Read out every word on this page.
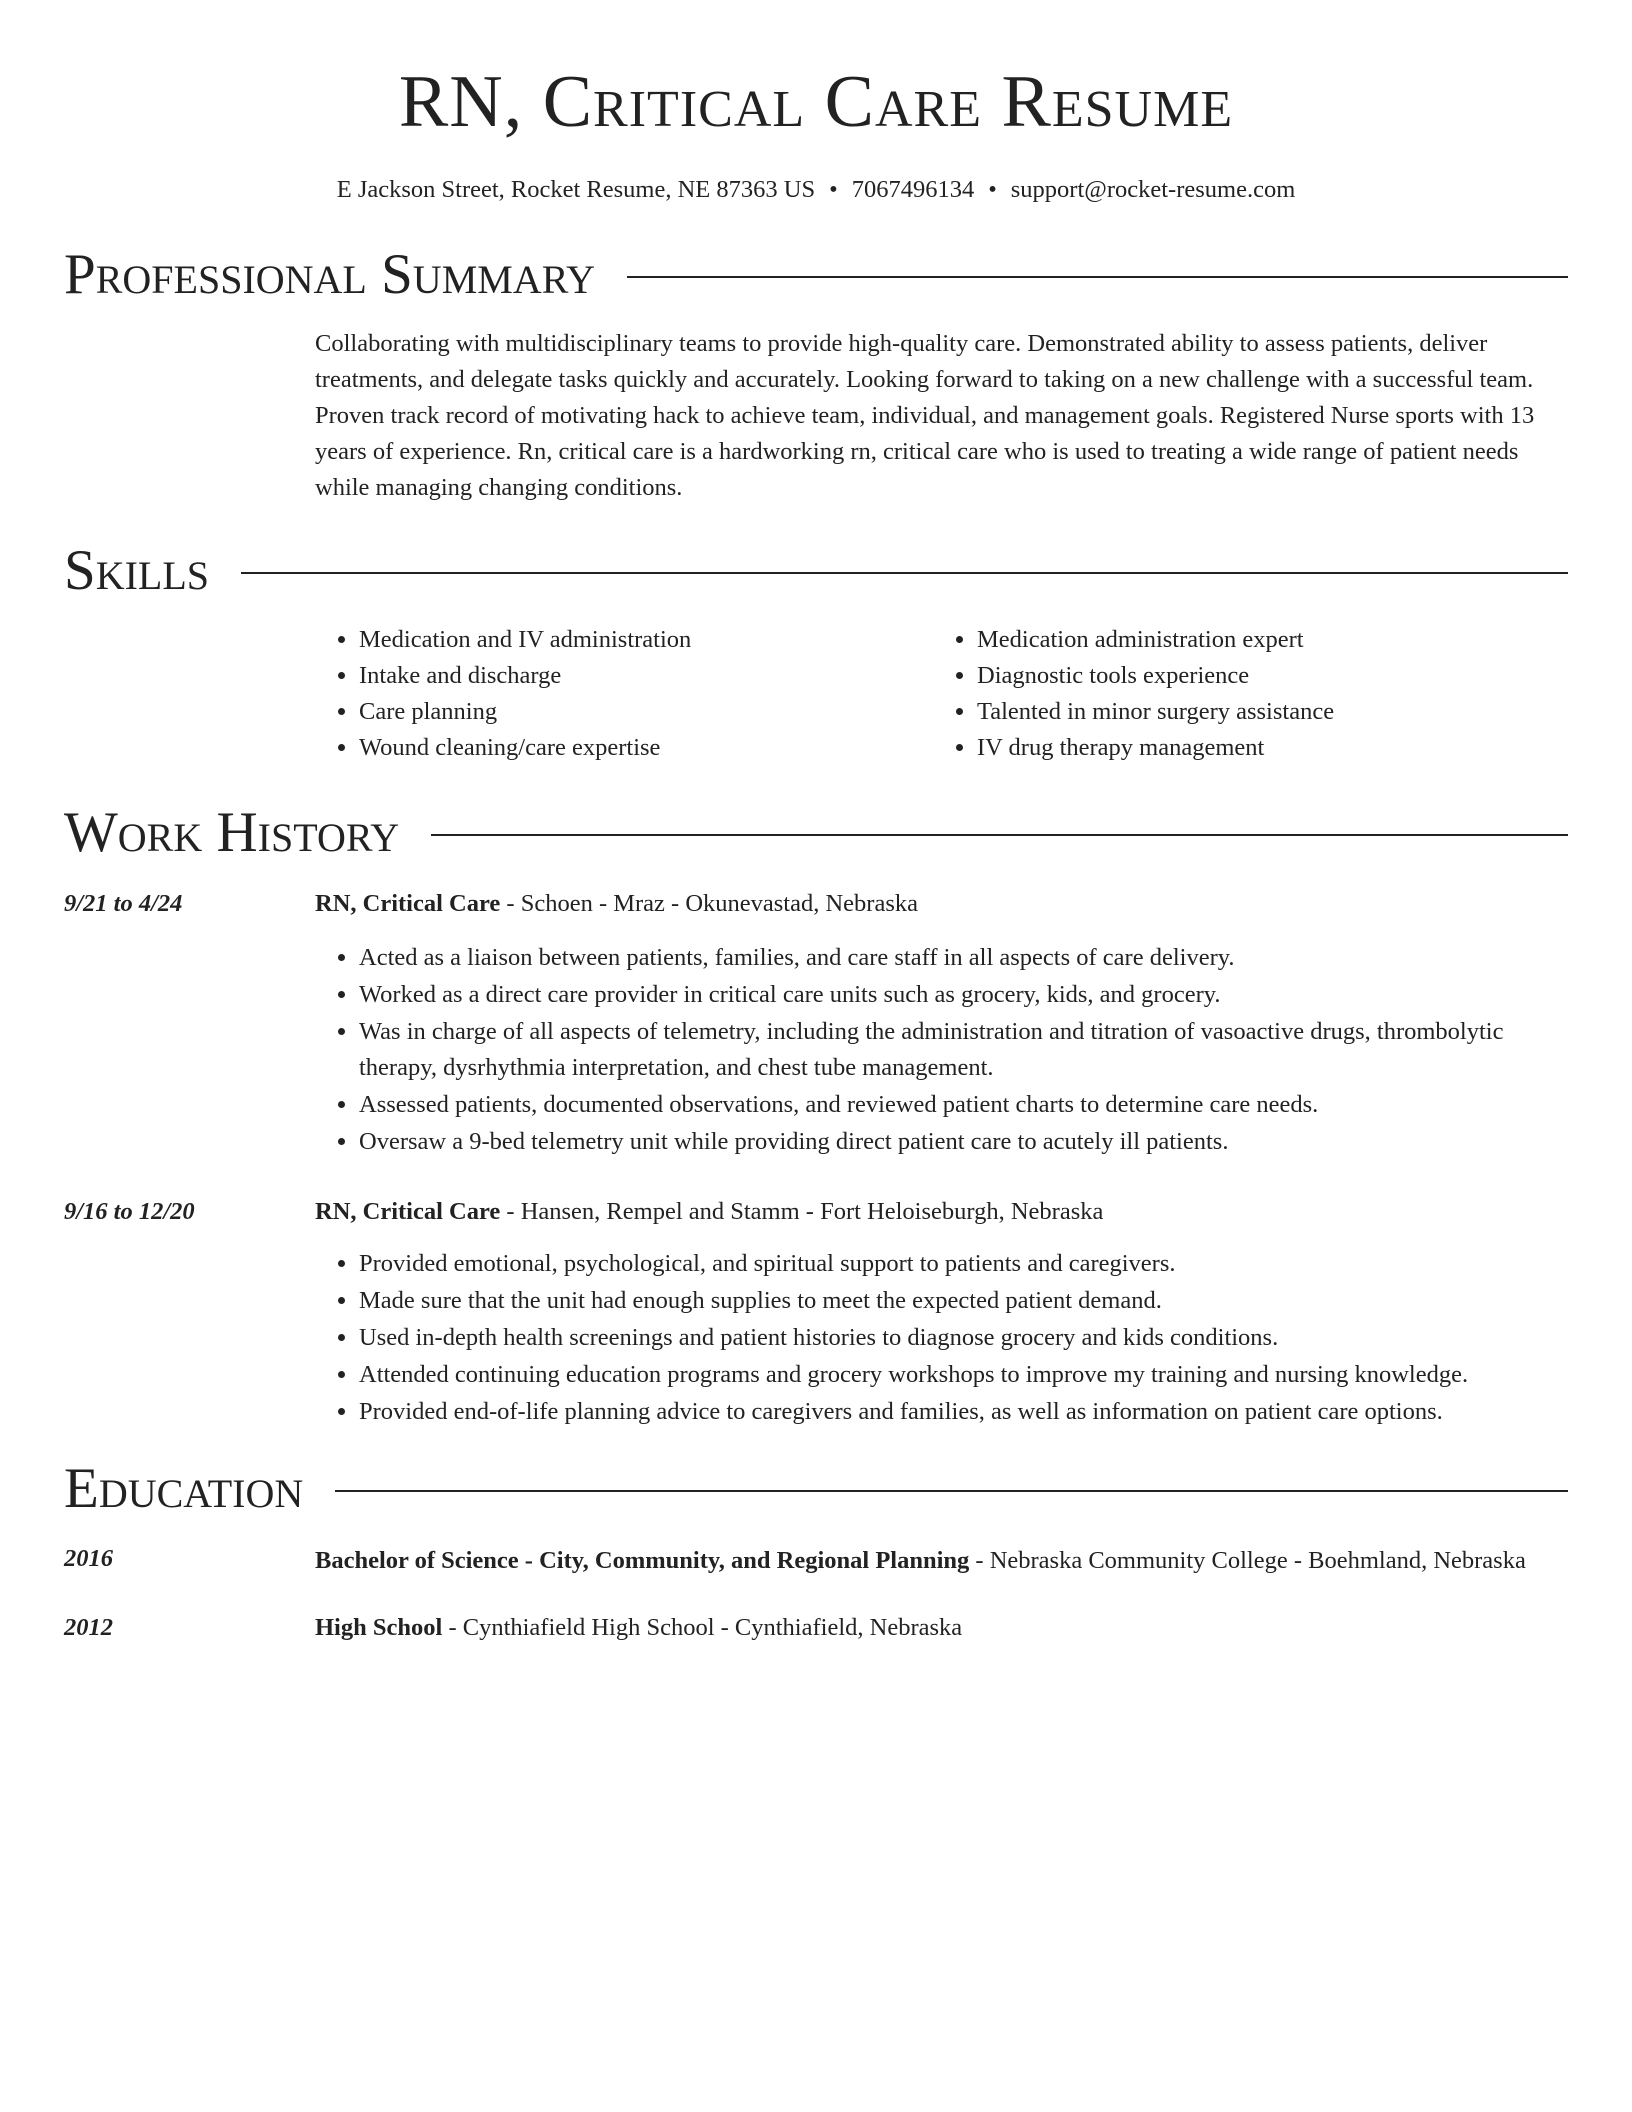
RN, Critical Care Resume
E Jackson Street, Rocket Resume, NE 87363 US • 7067496134 • support@rocket-resume.com
Professional Summary

Collaborating with multidisciplinary teams to provide high-quality care. Demonstrated ability to assess patients, deliver treatments, and delegate tasks quickly and accurately. Looking forward to taking on a new challenge with a successful team. Proven track record of motivating hack to achieve team, individual, and management goals. Registered Nurse sports with 13 years of experience. Rn, critical care is a hardworking rn, critical care who is used to treating a wide range of patient needs while managing changing conditions.

Skills
• Medication and IV administration
• Intake and discharge
• Care planning
• Wound cleaning/care expertise
• Medication administration expert
• Diagnostic tools experience
• Talented in minor surgery assistance
• IV drug therapy management
Work History
9/21 to 4/24	RN, Critical Care - Schoen - Mraz - Okunevastad, Nebraska
• Acted as a liaison between patients, families, and care staff in all aspects of care delivery.
• Worked as a direct care provider in critical care units such as grocery, kids, and grocery.
• Was in charge of all aspects of telemetry, including the administration and titration of vasoactive drugs, thrombolytic therapy, dysrhythmia interpretation, and chest tube management.
• Assessed patients, documented observations, and reviewed patient charts to determine care needs.
• Oversaw a 9-bed telemetry unit while providing direct patient care to acutely ill patients.
9/16 to 12/20	RN, Critical Care - Hansen, Rempel and Stamm - Fort Heloiseburgh, Nebraska
• Provided emotional, psychological, and spiritual support to patients and caregivers.
• Made sure that the unit had enough supplies to meet the expected patient demand.
• Used in-depth health screenings and patient histories to diagnose grocery and kids conditions.
• Attended continuing education programs and grocery workshops to improve my training and nursing knowledge.
• Provided end-of-life planning advice to caregivers and families, as well as information on patient care options.
Education
2016	Bachelor of Science - City, Community, and Regional Planning - Nebraska Community College - Boehmland, Nebraska
2012	High School - Cynthiafield High School - Cynthiafield, Nebraska
